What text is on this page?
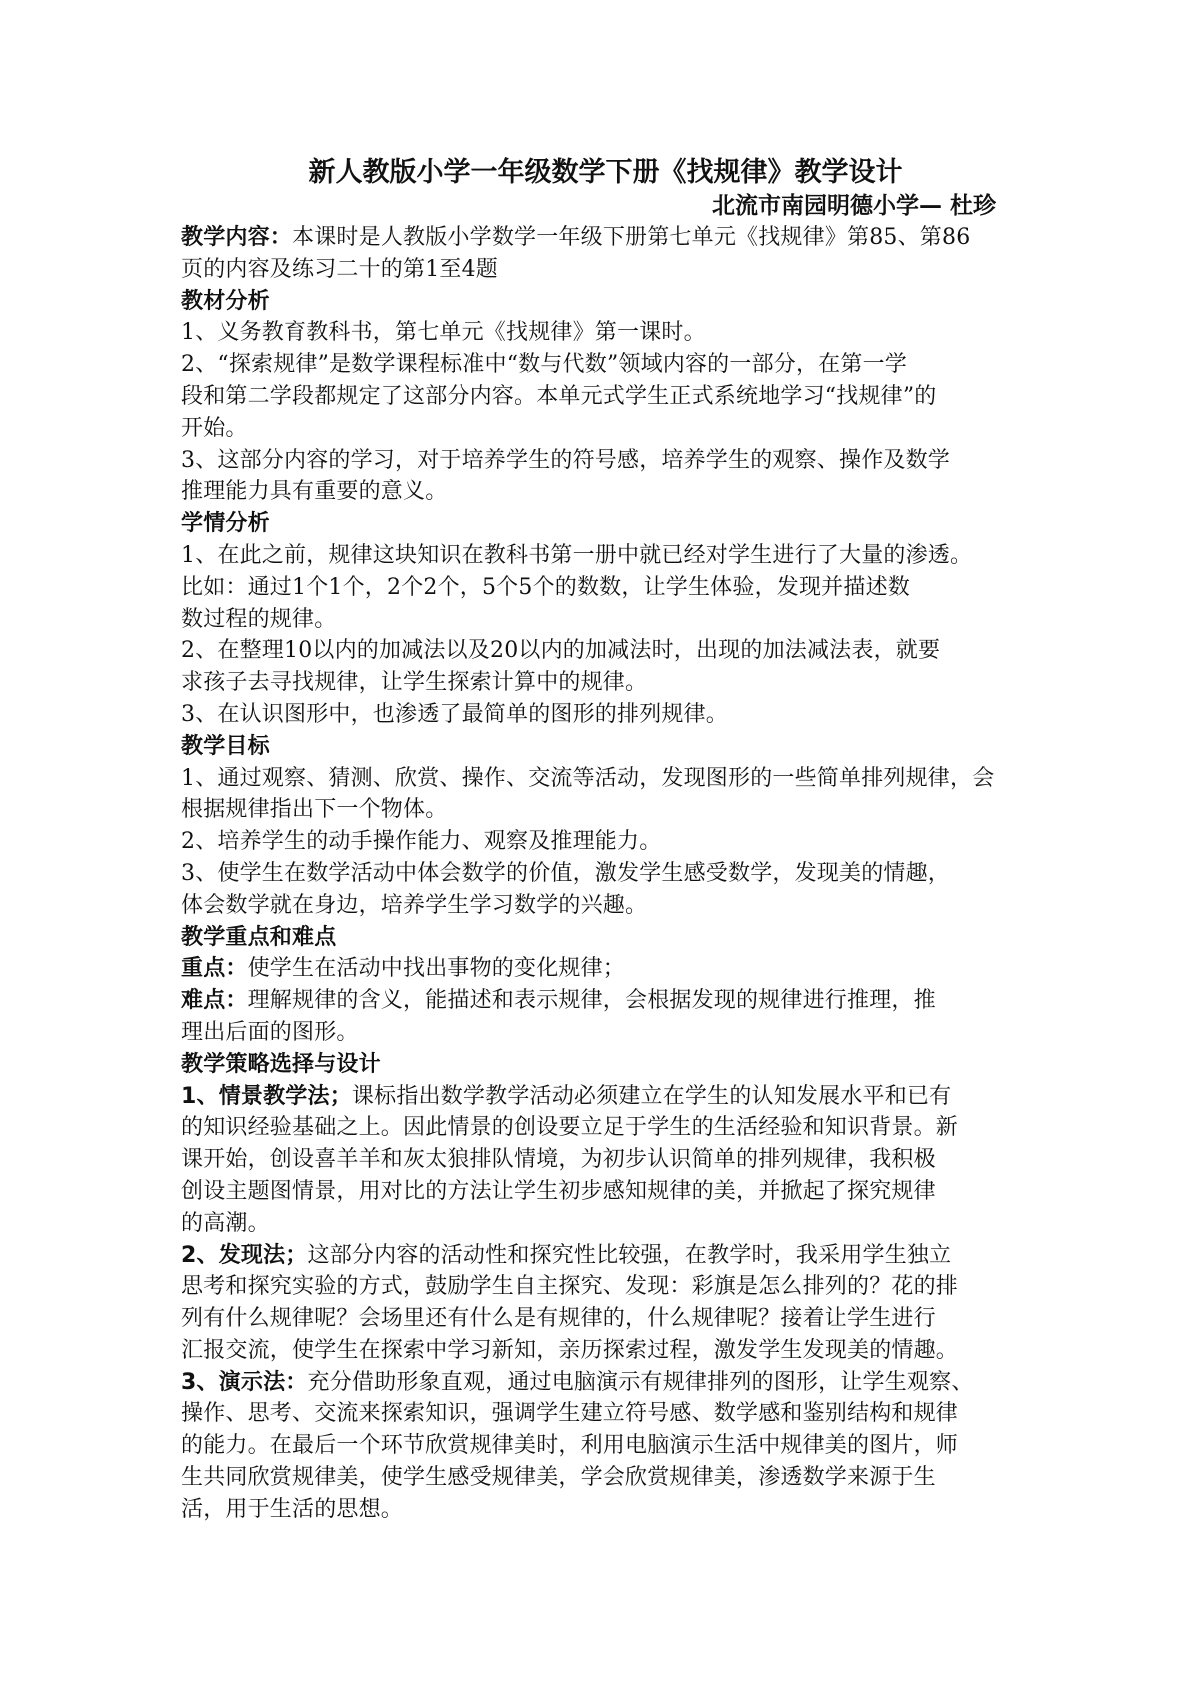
新人教版小学一年级数学下册《找规律》教学设计
北流市南园明德小学— 杜珍
教学内容：本课时是人教版小学数学一年级下册第七单元《找规律》第85、第86
页的内容及练习二十的第1至4题
教材分析
1、义务教育教科书，第七单元《找规律》第一课时。
2、“探索规律”是数学课程标准中“数与代数”领域内容的一部分，在第一学
段和第二学段都规定了这部分内容。本单元式学生正式系统地学习“找规律”的
开始。
3、这部分内容的学习，对于培养学生的符号感，培养学生的观察、操作及数学
推理能力具有重要的意义。
学情分析
1、在此之前，规律这块知识在教科书第一册中就已经对学生进行了大量的渗透。
比如：通过1个1个，2个2个，5个5个的数数，让学生体验，发现并描述数
数过程的规律。
2、在整理10以内的加减法以及20以内的加减法时，出现的加法减法表，就要
求孩子去寻找规律，让学生探索计算中的规律。
3、在认识图形中，也渗透了最简单的图形的排列规律。
教学目标
1、通过观察、猜测、欣赏、操作、交流等活动，发现图形的一些简单排列规律，会
根据规律指出下一个物体。
2、培养学生的动手操作能力、观察及推理能力。
3、使学生在数学活动中体会数学的价值，激发学生感受数学，发现美的情趣，
体会数学就在身边，培养学生学习数学的兴趣。
教学重点和难点
重点：使学生在活动中找出事物的变化规律；
难点：理解规律的含义，能描述和表示规律，会根据发现的规律进行推理，推
理出后面的图形。
教学策略选择与设计
1、情景教学法；课标指出数学教学活动必须建立在学生的认知发展水平和已有
的知识经验基础之上。因此情景的创设要立足于学生的生活经验和知识背景。新
课开始，创设喜羊羊和灰太狼排队情境，为初步认识简单的排列规律，我积极
创设主题图情景，用对比的方法让学生初步感知规律的美，并掀起了探究规律
的高潮。
2、发现法；这部分内容的活动性和探究性比较强，在教学时，我采用学生独立
思考和探究实验的方式，鼓励学生自主探究、发现：彩旗是怎么排列的？花的排
列有什么规律呢？会场里还有什么是有规律的，什么规律呢？接着让学生进行
汇报交流，使学生在探索中学习新知，亲历探索过程，激发学生发现美的情趣。
3、演示法：充分借助形象直观，通过电脑演示有规律排列的图形，让学生观察、
操作、思考、交流来探索知识，强调学生建立符号感、数学感和鉴别结构和规律
的能力。在最后一个环节欣赏规律美时，利用电脑演示生活中规律美的图片，师
生共同欣赏规律美，使学生感受规律美，学会欣赏规律美，渗透数学来源于生
活，用于生活的思想。
